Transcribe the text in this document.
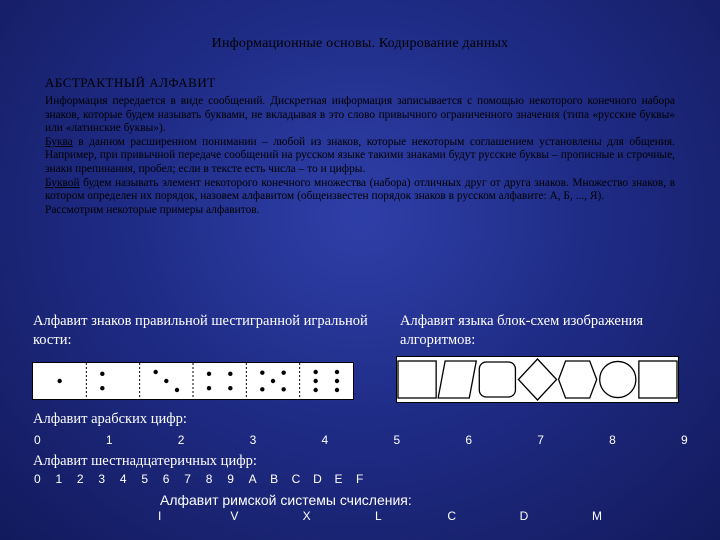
Информационные основы. Кодирование данных
АБСТРАКТНЫЙ АЛФАВИТ

Информация передается в виде сообщений. Дискретная информация записывается с помощью некоторого конечного набора знаков, которые будем называть буквами, не вкладывая в это слово привычного ограниченного значения (типа «русские буквы» или «латинские буквы»).

Буква в данном расширенном понимании – любой из знаков, которые некоторым соглашением установлены для общения. Например, при привычной передаче сообщений на русском языке такими знаками будут русские буквы – прописные и строчные, знаки препинания, пробел; если в тексте есть числа – то и цифры.

Буквой будем называть элемент некоторого конечного множества (набора) отличных друг от друга знаков. Множество знаков, в котором определен их порядок, назовем алфавитом (общеизвестен порядок знаков в русском алфавите: А, Б, ..., Я).

Рассмотрим некоторые примеры алфавитов.

Алфавит знаков правильной шестигранной игральной кости:
Алфавит языка блок-схем изображения алгоритмов:
Алфавит арабских цифр:
0	1	2	3	4	5	6	7	8	9
Алфавит шестнадцатеричных цифр:
0 1 2 3 4 5 6 7 8 9 A B C D E F
Алфавит римской системы счисления:
I	V	X	L	C	D	M
